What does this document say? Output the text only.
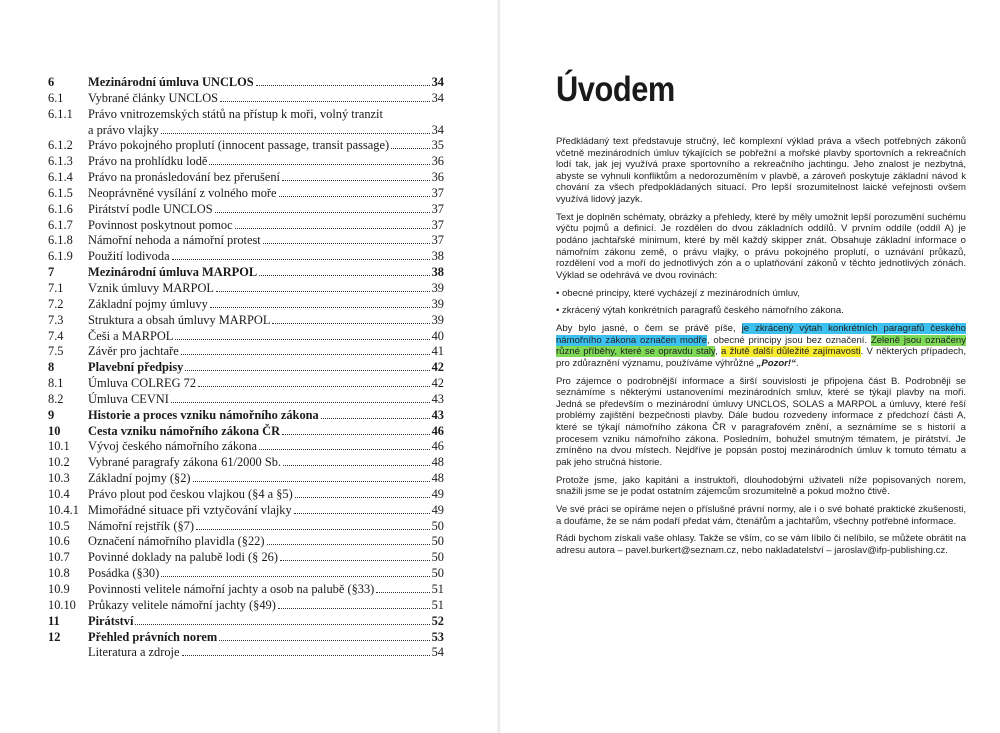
6	Mezinárodní úmluva UNCLOS	34
6.1 Vybrané články UNCLOS	34
6.1.1 Právo vnitrozemských států na přístup k moři, volný tranzit
a právo vlajky	34
6.1.2 Právo pokojného proplutí (innocent passage, transit passage)	35
6.1.3 Právo na prohlídku lodě	36
6.1.4 Právo na pronásledování bez přerušení	36
6.1.5 Neoprávněné vysílání z volného moře	37
6.1.6 Pirátství podle UNCLOS	37
6.1.7 Povinnost poskytnout pomoc	37
6.1.8 Námořní nehoda a námořní protest	37
6.1.9 Použití lodivoda	38
7	Mezinárodní úmluva MARPOL	38
7.1 Vznik úmluvy MARPOL	39
7.2 Základní pojmy úmluvy	39
7.3 Struktura a obsah úmluvy MARPOL	39
7.4 Češi a MARPOL	40
7.5 Závěr pro jachtaře	41
8	Plavební předpisy	42
8.1 Úmluva COLREG 72	42
8.2 Úmluva CEVNI	43
9	Historie a proces vzniku námořního zákona	43
10 Cesta vzniku námořního zákona ČR	46
10.1 Vývoj českého námořního zákona	46
10.2 Vybrané paragrafy zákona 61/2000 Sb.	48
10.3 Základní pojmy (§2)	48
10.4 Právo plout pod českou vlajkou (§4 a §5)	49
10.4.1 Mimořádné situace při vztyčování vlajky	49
10.5 Námořní rejstřík (§7)	50
10.6 Označení námořního plavidla (§22)	50
10.7 Povinné doklady na palubě lodi (§ 26)	50
10.8 Posádka (§30)	50
10.9 Povinnosti velitele námořní jachty a osob na palubě (§33)	51
10.10 Průkazy velitele námořní jachty (§49)	51
11 Pirátství	52
12 Přehled právních norem	53
Literatura a zdroje	54
Úvodem

Předkládaný text představuje stručný, leč komplexní výklad práva a všech potřebných zákonů včetně mezinárodních úmluv týkajících se pobřežní a mořské plavby sportovních a rekreačních lodí tak, jak jej využívá praxe sportovního a rekreačního jachtingu. Jeho znalost je nezbytná, abyste se vyhnuli konfliktům a nedorozuměním v plavbě, a zároveň poskytuje základní návod k chování za všech předpokládaných situací. Pro lepší srozumitelnost laické veřejnosti ovšem využívá lidový jazyk.

Text je doplněn schématy, obrázky a přehledy, které by měly umožnit lepší porozumění suchému výčtu pojmů a definicí. Je rozdělen do dvou základních oddílů. V prvním oddíle (oddíl A) je podáno jachtařské minimum, které by měl každý skipper znát. Obsahuje základní informace o námořním zákonu země, o právu vlajky, o právu pokojného proplutí, o uznávání průkazů, rozdělení vod a moří do jednotlivých zón a o uplatňování zákonů v těchto jednotlivých zónách. Výklad se odehrává ve dvou rovinách:

• obecné principy, které vycházejí z mezinárodních úmluv,

• zkrácený výtah konkrétních paragrafů českého námořního zákona.

Aby bylo jasné, o čem se právě píše, je zkrácený výtah konkrétních paragrafů českého námořního zákona označen modře, obecné principy jsou bez označení. Zeleně jsou označeny různé příběhy, které se opravdu staly, a žlutě další důležité zajímavosti. V některých případech, pro zdůraznění významu, používáme výhrůžné „Pozor!“.

Pro zájemce o podrobnější informace a širší souvislosti je připojena část B. Podrobněji se seznámíme s některými ustanoveními mezinárodních smluv, které se týkají plavby na moři. Jedná se především o mezinárodní úmluvy UNCLOS, SOLAS a MARPOL a úmluvy, které řeší problémy zajištění bezpečnosti plavby. Dále budou rozvedeny informace z předchozí části A, které se týkají námořního zákona ČR v paragrafovém znění, a seznámíme se s historií a procesem vzniku námořního zákona. Posledním, bohužel smutným tématem, je pirátství. Je zmíněno na dvou místech. Nejdříve je popsán postoj mezinárodních úmluv k tomuto tématu a pak jeho stručná historie.

Protože jsme, jako kapitáni a instruktoři, dlouhodobými uživateli níže popisovaných norem, snažili jsme se je podat ostatním zájemcům srozumitelně a pokud možno čtivě.

Ve své práci se opíráme nejen o příslušné právní normy, ale i o své bohaté praktické zkušenosti, a doufáme, že se nám podaří předat vám, čtenářům a jachtařům, všechny potřebné informace.

Rádi bychom získali vaše ohlasy. Takže se vším, co se vám líbilo či nelíbilo, se můžete obrátit na adresu autora – pavel.burkert@seznam.cz, nebo nakladatelství – jaroslav@ifp-publishing.cz.
